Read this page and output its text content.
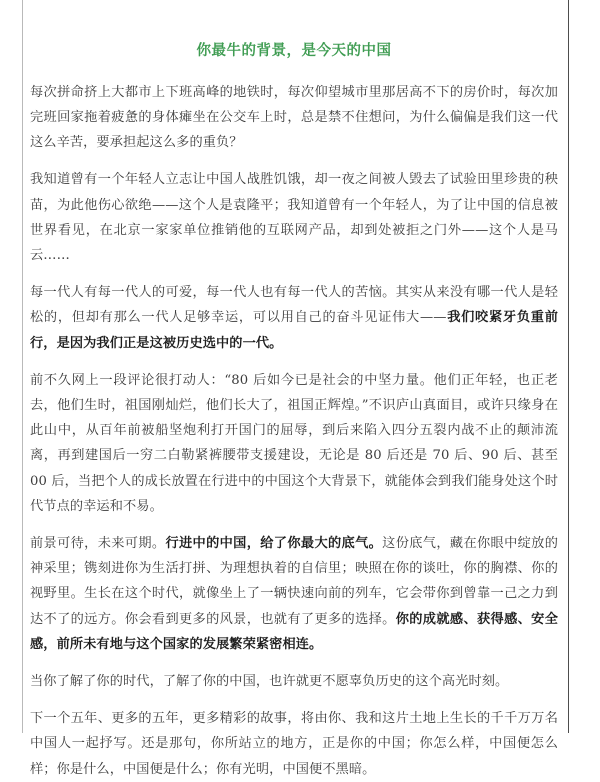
你最牛的背景，是今天的中国

每次拼命挤上大都市上下班高峰的地铁时，每次仰望城市里那居高不下的房价时，每次加完班回家拖着疲惫的身体瘫坐在公交车上时，总是禁不住想问，为什么偏偏是我们这一代这么辛苦，要承担起这么多的重负？

我知道曾有一个年轻人立志让中国人战胜饥饿，却一夜之间被人毁去了试验田里珍贵的秧苗，为此他伤心欲绝——这个人是袁隆平；我知道曾有一个年轻人，为了让中国的信息被世界看见，在北京一家家单位推销他的互联网产品，却到处被拒之门外——这个人是马云……

每一代人有每一代人的可爱，每一代人也有每一代人的苦恼。其实从来没有哪一代人是轻松的，但却有那么一代人足够幸运，可以用自己的奋斗见证伟大——我们咬紧牙负重前行，是因为我们正是这被历史选中的一代。

前不久网上一段评论很打动人：“80 后如今已是社会的中坚力量。他们正年轻，也正老去，他们生时，祖国刚灿烂，他们长大了，祖国正辉煌。”不识庐山真面目，或许只缘身在此山中，从百年前被船坚炮利打开国门的屈辱，到后来陷入四分五裂内战不止的颠沛流离，再到建国后一穷二白勒紧裤腰带支援建设，无论是 80 后还是 70 后、90 后、甚至 00 后，当把个人的成长放置在行进中的中国这个大背景下，就能体会到我们能身处这个时代节点的幸运和不易。

前景可待，未来可期。行进中的中国，给了你最大的底气。这份底气，藏在你眼中绽放的神采里；镌刻进你为生活打拼、为理想执着的自信里；映照在你的谈吐，你的胸襟、你的视野里。生长在这个时代，就像坐上了一辆快速向前的列车，它会带你到曾靠一己之力到达不了的远方。你会看到更多的风景，也就有了更多的选择。你的成就感、获得感、安全感，前所未有地与这个国家的发展繁荣紧密相连。

当你了解了你的时代，了解了你的中国，也许就更不愿辜负历史的这个高光时刻。

下一个五年、更多的五年，更多精彩的故事，将由你、我和这片土地上生长的千千万万名中国人一起抒写。还是那句，你所站立的地方，正是你的中国；你怎么样，中国便怎么样；你是什么，中国便是什么；你有光明，中国便不黑暗。
